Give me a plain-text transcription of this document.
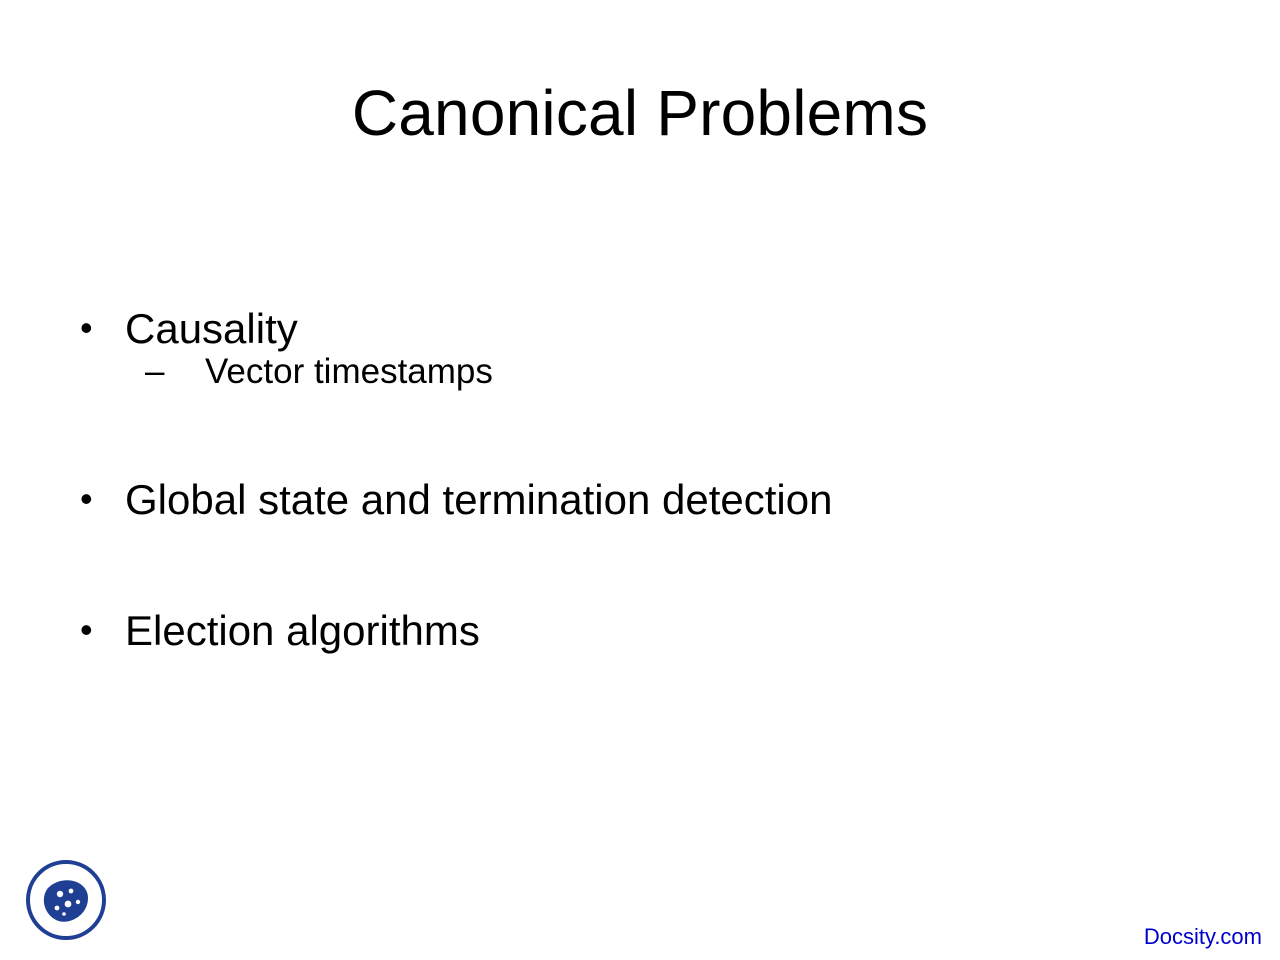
Canonical Problems
• Causality
– Vector timestamps
• Global state and termination detection
• Election algorithms
Docsity.com
